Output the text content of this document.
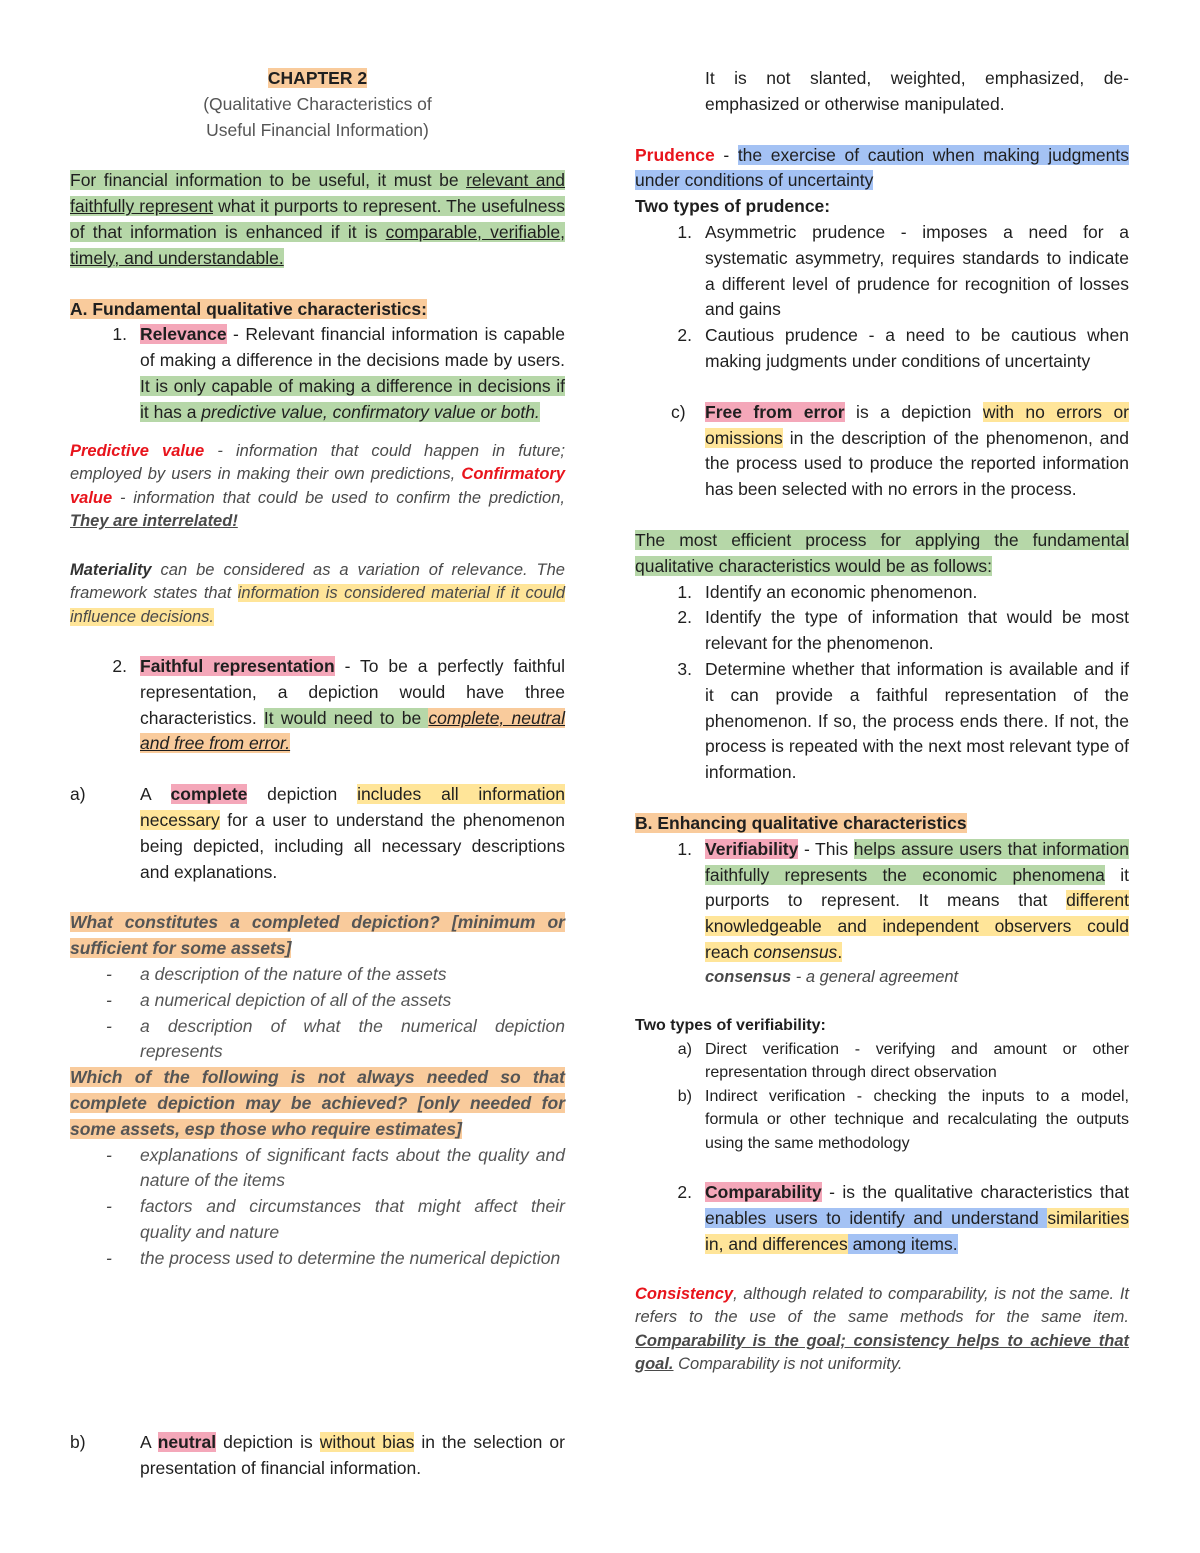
CHAPTER 2

(Qualitative Characteristics of

Useful Financial Information)

For financial information to be useful, it must be relevant and faithfully represent what it purports to represent. The usefulness of that information is enhanced if it is comparable, verifiable, timely, and understandable.

A. Fundamental qualitative characteristics:

1. Relevance - Relevant financial information is capable of making a difference in the decisions made by users. It is only capable of making a difference in decisions if it has a predictive value, confirmatory value or both.

Predictive value - information that could happen in future; employed by users in making their own predictions, Confirmatory value - information that could be used to confirm the prediction, They are interrelated!

Materiality can be considered as a variation of relevance. The framework states that information is considered material if it could influence decisions.

2. Faithful representation - To be a perfectly faithful representation, a depiction would have three characteristics. It would need to be complete, neutral and free from error.
a)	A complete depiction includes all information necessary for a user to understand the phenomenon being depicted, including all necessary descriptions and explanations.

What constitutes a completed depiction? [minimum or sufficient for some assets]

-	a description of the nature of the assets
-	a numerical depiction of all of the assets
-	a description of what the numerical depiction represents

Which of the following is not always needed so that complete depiction may be achieved? [only needed for some assets, esp those who require estimates]

-	explanations of significant facts about the quality and nature of the items
-	factors and circumstances that might affect their quality and nature
-	the process used to determine the numerical depiction
b)	A neutral depiction is without bias in the selection or presentation of financial information.
It is not slanted, weighted, emphasized, de-emphasized or otherwise manipulated.

Prudence - the exercise of caution when making judgments under conditions of uncertainty

Two types of prudence:

1. Asymmetric prudence - imposes a need for a systematic asymmetry, requires standards to indicate a different level of prudence for recognition of losses and gains
2. Cautious prudence - a need to be cautious when making judgments under conditions of uncertainty
c)	Free from error is a depiction with no errors or omissions in the description of the phenomenon, and the process used to produce the reported information has been selected with no errors in the process.

The most efficient process for applying the fundamental qualitative characteristics would be as follows:

1. Identify an economic phenomenon.
2. Identify the type of information that would be most relevant for the phenomenon.
3. Determine whether that information is available and if it can provide a faithful representation of the phenomenon. If so, the process ends there. If not, the process is repeated with the next most relevant type of information.

B. Enhancing qualitative characteristics

1. Verifiability - This helps assure users that information faithfully represents the economic phenomena it purports to represent. It means that different knowledgeable and independent observers could reach consensus.
consensus - a general agreement

Two types of verifiability:

a) Direct verification - verifying and amount or other representation through direct observation
b) Indirect verification - checking the inputs to a model, formula or other technique and recalculating the outputs using the same methodology
2. Comparability - is the qualitative characteristics that enables users to identify and understand similarities in, and differences among items.

Consistency, although related to comparability, is not the same. It refers to the use of the same methods for the same item. Comparability is the goal; consistency helps to achieve that goal. Comparability is not uniformity.
